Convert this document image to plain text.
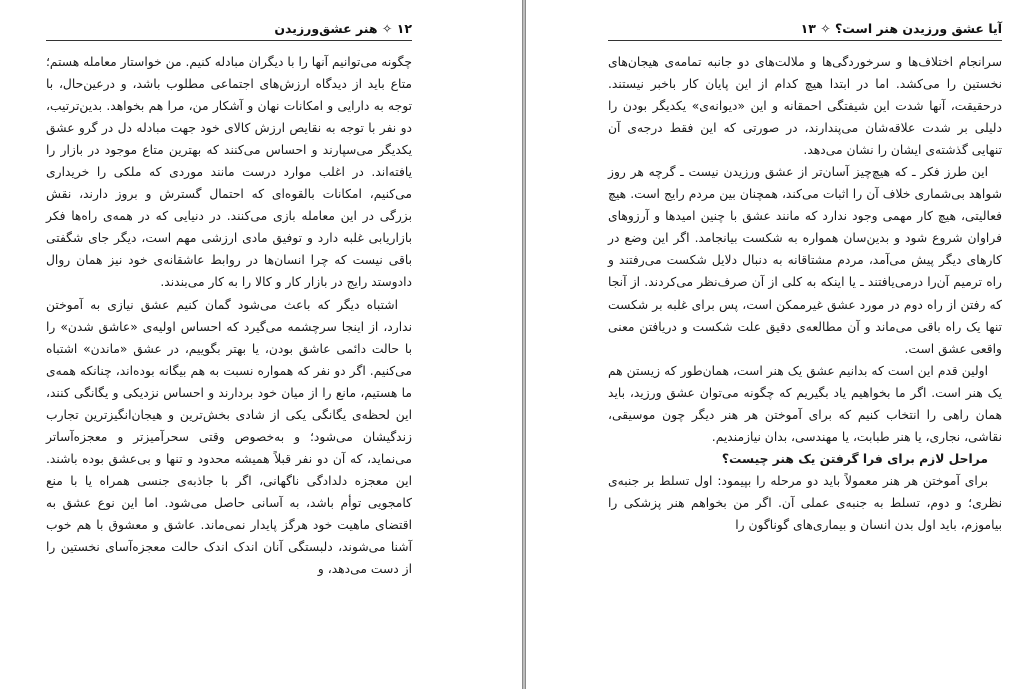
۱۲ ✧ هنر عشق‌ورزیدن

چگونه می‌توانیم آنها را با دیگران مبادله کنیم. من خواستار معامله هستم؛ متاع باید از دیدگاه ارزش‌های اجتماعی مطلوب باشد، و درعین‌حال، با توجه به دارایی و امکانات نهان و آشکار من، مرا هم بخواهد. بدین‌ترتیب، دو نفر با توجه به نقایص ارزش کالای خود جهت مبادله دل در گرو عشق یکدیگر می‌سپارند و احساس می‌کنند که بهترین متاع موجود در بازار را یافته‌اند. در اغلب موارد درست مانند موردی که ملکی را خریداری می‌کنیم، امکانات بالقوه‌ای که احتمال گسترش و بروز دارند، نقش بزرگی در این معامله بازی می‌کنند. در دنیایی که در همه‌ی راه‌ها فکر بازاریابی غلبه دارد و توفیق مادی ارزشی مهم است، دیگر جای شگفتی باقی نیست که چرا انسان‌ها در روابط عاشقانه‌ی خود نیز همان روال دادوستد رایج در بازار کار و کالا را به کار می‌بندند.

اشتباه دیگر که باعث می‌شود گمان کنیم عشق نیازی به آموختن ندارد، از اینجا سرچشمه می‌گیرد که احساس اولیه‌ی «عاشق شدن» را با حالت دائمی عاشق بودن، یا بهتر بگوییم، در عشق «ماندن» اشتباه می‌کنیم. اگر دو نفر که همواره نسبت به هم بیگانه بوده‌اند، چنانکه همه‌ی ما هستیم، مانع را از میان خود بردارند و احساس نزدیکی و یگانگی کنند، این لحظه‌ی یگانگی یکی از شادی بخش‌ترین و هیجان‌انگیزترین تجارب زندگیشان می‌شود؛ و به‌خصوص وقتی سحرآمیزتر و معجزه‌آساتر می‌نماید، که آن دو نفر قبلاً همیشه محدود و تنها و بی‌عشق بوده باشند. این معجزه دلدادگی ناگهانی، اگر با جاذبه‌ی جنسی همراه یا با منع کامجویی توأم باشد، به آسانی حاصل می‌شود. اما این نوع عشق به اقتضای ماهیت خود هرگز پایدار نمی‌ماند. عاشق و معشوق با هم خوب آشنا می‌شوند، دلبستگی آنان اندک اندک حالت معجزه‌آسای نخستین را از دست می‌دهد، و

آیا عشق ورزیدن هنر است؟ ✧ ۱۳

سرانجام اختلاف‌ها و سرخوردگی‌ها و ملالت‌های دو جانبه تمامه‌ی هیجان‌های نخستین را می‌کشد. اما در ابتدا هیچ کدام از این پایان کار باخبر نیستند. درحقیقت، آنها شدت این شیفتگی احمقانه و این «دیوانه‌ی» یکدیگر بودن را دلیلی بر شدت علاقه‌شان می‌پندارند، در صورتی که این فقط درجه‌ی آن تنهایی گذشته‌ی ایشان را نشان می‌دهد.

این طرز فکر ـ که هیچ‌چیز آسان‌تر از عشق ورزیدن نیست ـ گرچه هر روز شواهد بی‌شماری خلاف آن را اثبات می‌کند، همچنان بین مردم رایج است. هیچ فعالیتی، هیچ کار مهمی وجود ندارد که مانند عشق با چنین امیدها و آرزوهای فراوان شروع شود و بدین‌سان همواره به شکست بیانجامد. اگر این وضع در کارهای دیگر پیش می‌آمد، مردم مشتاقانه به دنبال دلایل شکست می‌رفتند و راه ترمیم آن‌را درمی‌یافتند ـ یا اینکه به کلی از آن صرف‌نظر می‌کردند. از آنجا که رفتن از راه دوم در مورد عشق غیرممکن است، پس برای غلبه بر شکست تنها یک راه باقی می‌ماند و آن مطالعه‌ی دقیق علت شکست و دریافتن معنی واقعی عشق است.

اولین قدم این است که بدانیم عشق یک هنر است، همان‌طور که زیستن هم یک هنر است. اگر ما بخواهیم یاد بگیریم که چگونه می‌توان عشق ورزید، باید همان راهی را انتخاب کنیم که برای آموختن هر هنر دیگر چون موسیقی، نقاشی، نجاری، یا هنر طبابت، یا مهندسی، بدان نیازمندیم.

مراحل لازم برای فرا گرفتن یک هنر چیست؟

برای آموختن هر هنر معمولاً باید دو مرحله را بپیمود: اول تسلط بر جنبه‌ی نظری؛ و دوم، تسلط به جنبه‌ی عملی آن. اگر من بخواهم هنر پزشکی را بیاموزم، باید اول بدن انسان و بیماری‌های گوناگون را
